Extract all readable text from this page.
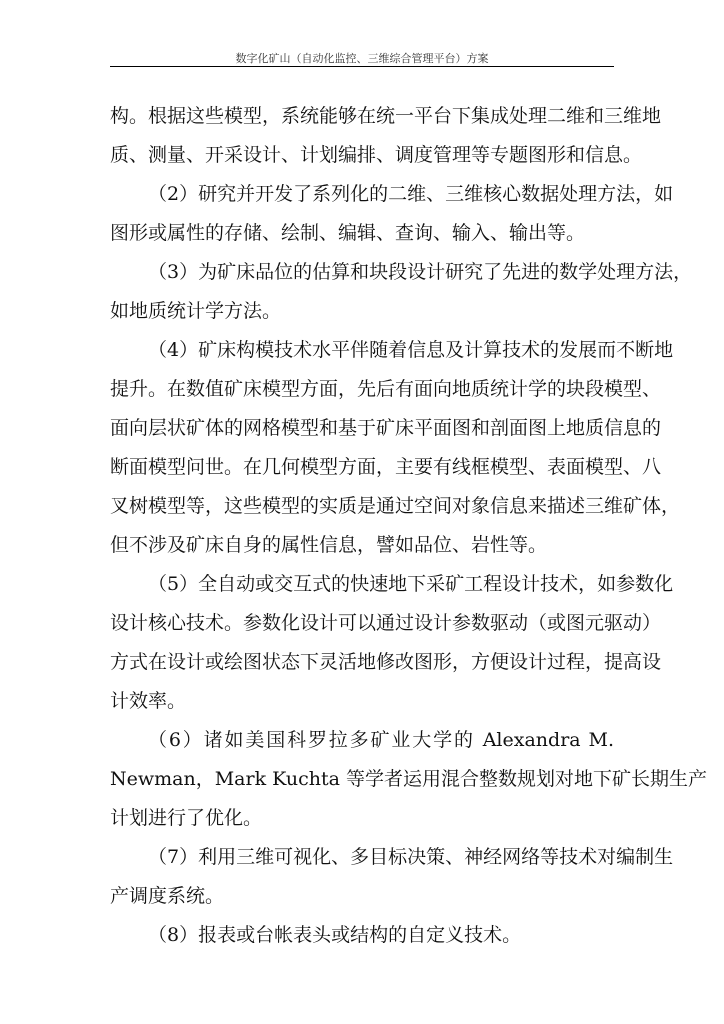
数字化矿山（自动化监控、三维综合管理平台）方案
构。根据这些模型，系统能够在统一平台下集成处理二维和三维地
质、测量、开采设计、计划编排、调度管理等专题图形和信息。
（2）研究并开发了系列化的二维、三维核心数据处理方法，如
图形或属性的存储、绘制、编辑、查询、输入、输出等。
（3）为矿床品位的估算和块段设计研究了先进的数学处理方法，
如地质统计学方法。
（4）矿床构模技术水平伴随着信息及计算技术的发展而不断地
提升。在数值矿床模型方面，先后有面向地质统计学的块段模型、
面向层状矿体的网格模型和基于矿床平面图和剖面图上地质信息的
断面模型问世。在几何模型方面，主要有线框模型、表面模型、八
叉树模型等，这些模型的实质是通过空间对象信息来描述三维矿体，
但不涉及矿床自身的属性信息，譬如品位、岩性等。
（5）全自动或交互式的快速地下采矿工程设计技术，如参数化
设计核心技术。参数化设计可以通过设计参数驱动（或图元驱动）
方式在设计或绘图状态下灵活地修改图形，方便设计过程，提高设
计效率。
（6）诸如美国科罗拉多矿业大学的 Alexandra M.
Newman，Mark Kuchta 等学者运用混合整数规划对地下矿长期生产
计划进行了优化。
（7）利用三维可视化、多目标决策、神经网络等技术对编制生
产调度系统。
（8）报表或台帐表头或结构的自定义技术。
